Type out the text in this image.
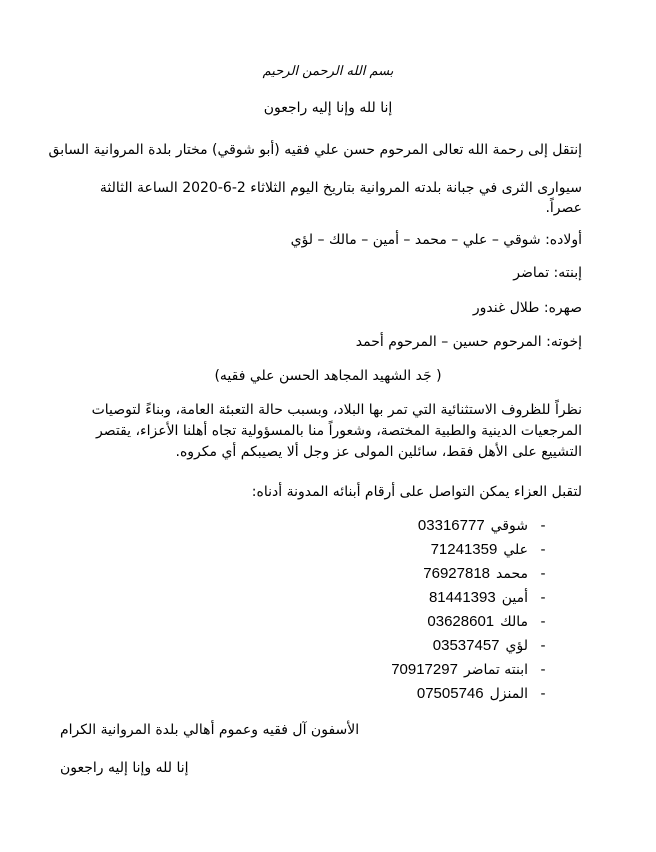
بسم الله الرحمن الرحيم
إنا لله وإنا إليه راجعون
إنتقل إلى رحمة الله تعالى المرحوم حسن علي فقيه (أبو شوقي) مختار بلدة المروانية السابق
سيوارى الثرى في جبانة بلدته المروانية بتاريخ اليوم الثلاثاء 2-6-2020 الساعة الثالثة
عصراً.
أولاده: شوقي – علي – محمد – أمين – مالك – لؤي
إبنته: تماضر
صهره: طلال غندور
إخوته: المرحوم حسين – المرحوم أحمد
( جَد الشهيد المجاهد الحسن علي فقيه)
نظراً للظروف الاستثنائية التي تمر بها البلاد، وبسبب حالة التعبئة العامة، وبناءً لتوصيات المرجعيات الدينية والطبية المختصة، وشعوراً منا بالمسؤولية تجاه أهلنا الأعزاء، يقتصر التشييع على الأهل فقط، سائلين المولى عز وجل ألا يصيبكم أي مكروه.
لتقبل العزاء يمكن التواصل على أرقام أبنائه المدونة أدناه:
-
شوقي
03316777
-
علي
71241359
-
محمد
76927818
-
أمين
81441393
-
مالك
03628601
-
لؤي
03537457
-
ابنته تماضر
70917297
-
المنزل
07505746
الأسفون آل فقيه وعموم أهالي بلدة المروانية الكرام
إنا لله وإنا إليه راجعون
